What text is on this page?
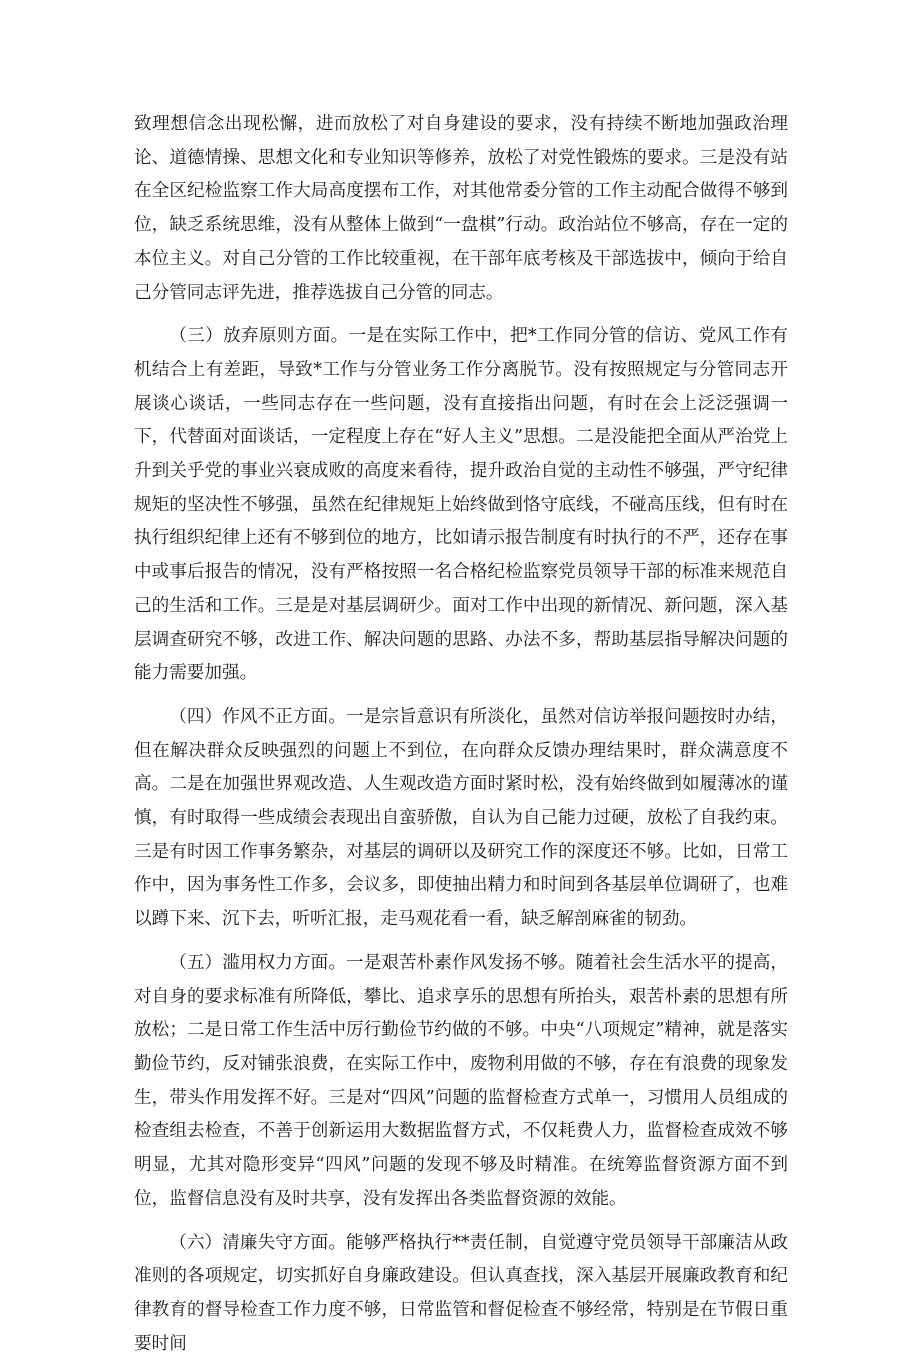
致理想信念出现松懈，进而放松了对自身建设的要求，没有持续不断地加强政治理论、道德情操、思想文化和专业知识等修养，放松了对党性锻炼的要求。三是没有站在全区纪检监察工作大局高度摆布工作，对其他常委分管的工作主动配合做得不够到位，缺乏系统思维，没有从整体上做到“一盘棋”行动。政治站位不够高，存在一定的本位主义。对自己分管的工作比较重视，在干部年底考核及干部选拔中，倾向于给自己分管同志评先进，推荐选拔自己分管的同志。

（三）放弃原则方面。一是在实际工作中，把*工作同分管的信访、党风工作有机结合上有差距，导致*工作与分管业务工作分离脱节。没有按照规定与分管同志开展谈心谈话，一些同志存在一些问题，没有直接指出问题，有时在会上泛泛强调一下，代替面对面谈话，一定程度上存在“好人主义”思想。二是没能把全面从严治党上升到关乎党的事业兴衰成败的高度来看待，提升政治自觉的主动性不够强，严守纪律规矩的坚决性不够强，虽然在纪律规矩上始终做到恪守底线，不碰高压线，但有时在执行组织纪律上还有不够到位的地方，比如请示报告制度有时执行的不严，还存在事中或事后报告的情况，没有严格按照一名合格纪检监察党员领导干部的标准来规范自己的生活和工作。三是是对基层调研少。面对工作中出现的新情况、新问题，深入基层调查研究不够，改进工作、解决问题的思路、办法不多，帮助基层指导解决问题的能力需要加强。

（四）作风不正方面。一是宗旨意识有所淡化，虽然对信访举报问题按时办结，但在解决群众反映强烈的问题上不到位，在向群众反馈办理结果时，群众满意度不高。二是在加强世界观改造、人生观改造方面时紧时松，没有始终做到如履薄冰的谨慎，有时取得一些成绩会表现出自蛮骄傲，自认为自己能力过硬，放松了自我约束。三是有时因工作事务繁杂，对基层的调研以及研究工作的深度还不够。比如，日常工作中，因为事务性工作多，会议多，即使抽出精力和时间到各基层单位调研了，也难以蹲下来、沉下去，听听汇报，走马观花看一看，缺乏解剖麻雀的韧劲。

（五）滥用权力方面。一是艰苦朴素作风发扬不够。随着社会生活水平的提高，对自身的要求标准有所降低，攀比、追求享乐的思想有所抬头，艰苦朴素的思想有所放松；二是日常工作生活中厉行勤俭节约做的不够。中央“八项规定”精神，就是落实勤俭节约，反对铺张浪费，在实际工作中，废物利用做的不够，存在有浪费的现象发生，带头作用发挥不好。三是对“四风”问题的监督检查方式单一，习惯用人员组成的检查组去检查，不善于创新运用大数据监督方式，不仅耗费人力，监督检查成效不够明显，尤其对隐形变异“四风”问题的发现不够及时精准。在统筹监督资源方面不到位，监督信息没有及时共享，没有发挥出各类监督资源的效能。

（六）清廉失守方面。能够严格执行**责任制，自觉遵守党员领导干部廉洁从政准则的各项规定，切实抓好自身廉政建设。但认真查找，深入基层开展廉政教育和纪律教育的督导检查工作力度不够，日常监管和督促检查不够经常，特别是在节假日重要时间
